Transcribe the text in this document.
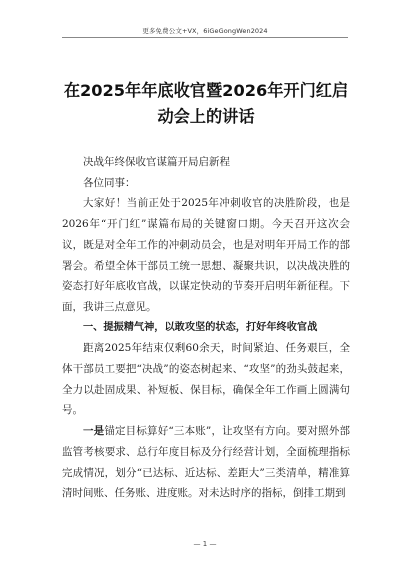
更多免费公文+VX，6iGeGongWen2024
在2025年年底收官暨2026年开门红启动会上的讲话

决战年终保收官谋篇开局启新程

各位同事：

大家好！当前正处于2025年冲刺收官的决胜阶段，也是2026年“开门红”谋篇布局的关键窗口期。今天召开这次会议，既是对全年工作的冲刺动员会，也是对明年开局工作的部署会。希望全体干部员工统一思想、凝聚共识，以决战决胜的姿态打好年底收官战，以谋定快动的节奏开启明年新征程。下面，我讲三点意见。

一、提振精气神，以敢攻坚的状态，打好年终收官战

距离2025年结束仅剩60余天，时间紧迫、任务艰巨，全体干部员工要把“决战”的姿态树起来、“攻坚”的劲头鼓起来，全力以赴固成果、补短板、保目标，确保全年工作画上圆满句号。

一是锚定目标算好“三本账”，让攻坚有方向。要对照外部监管考核要求、总行年度目标及分行经营计划，全面梳理指标完成情况，划分“已达标、近达标、差距大”三类清单，精准算清时间账、任务账、进度账。对未达时序的指标，倒排工期到

— 1 —
